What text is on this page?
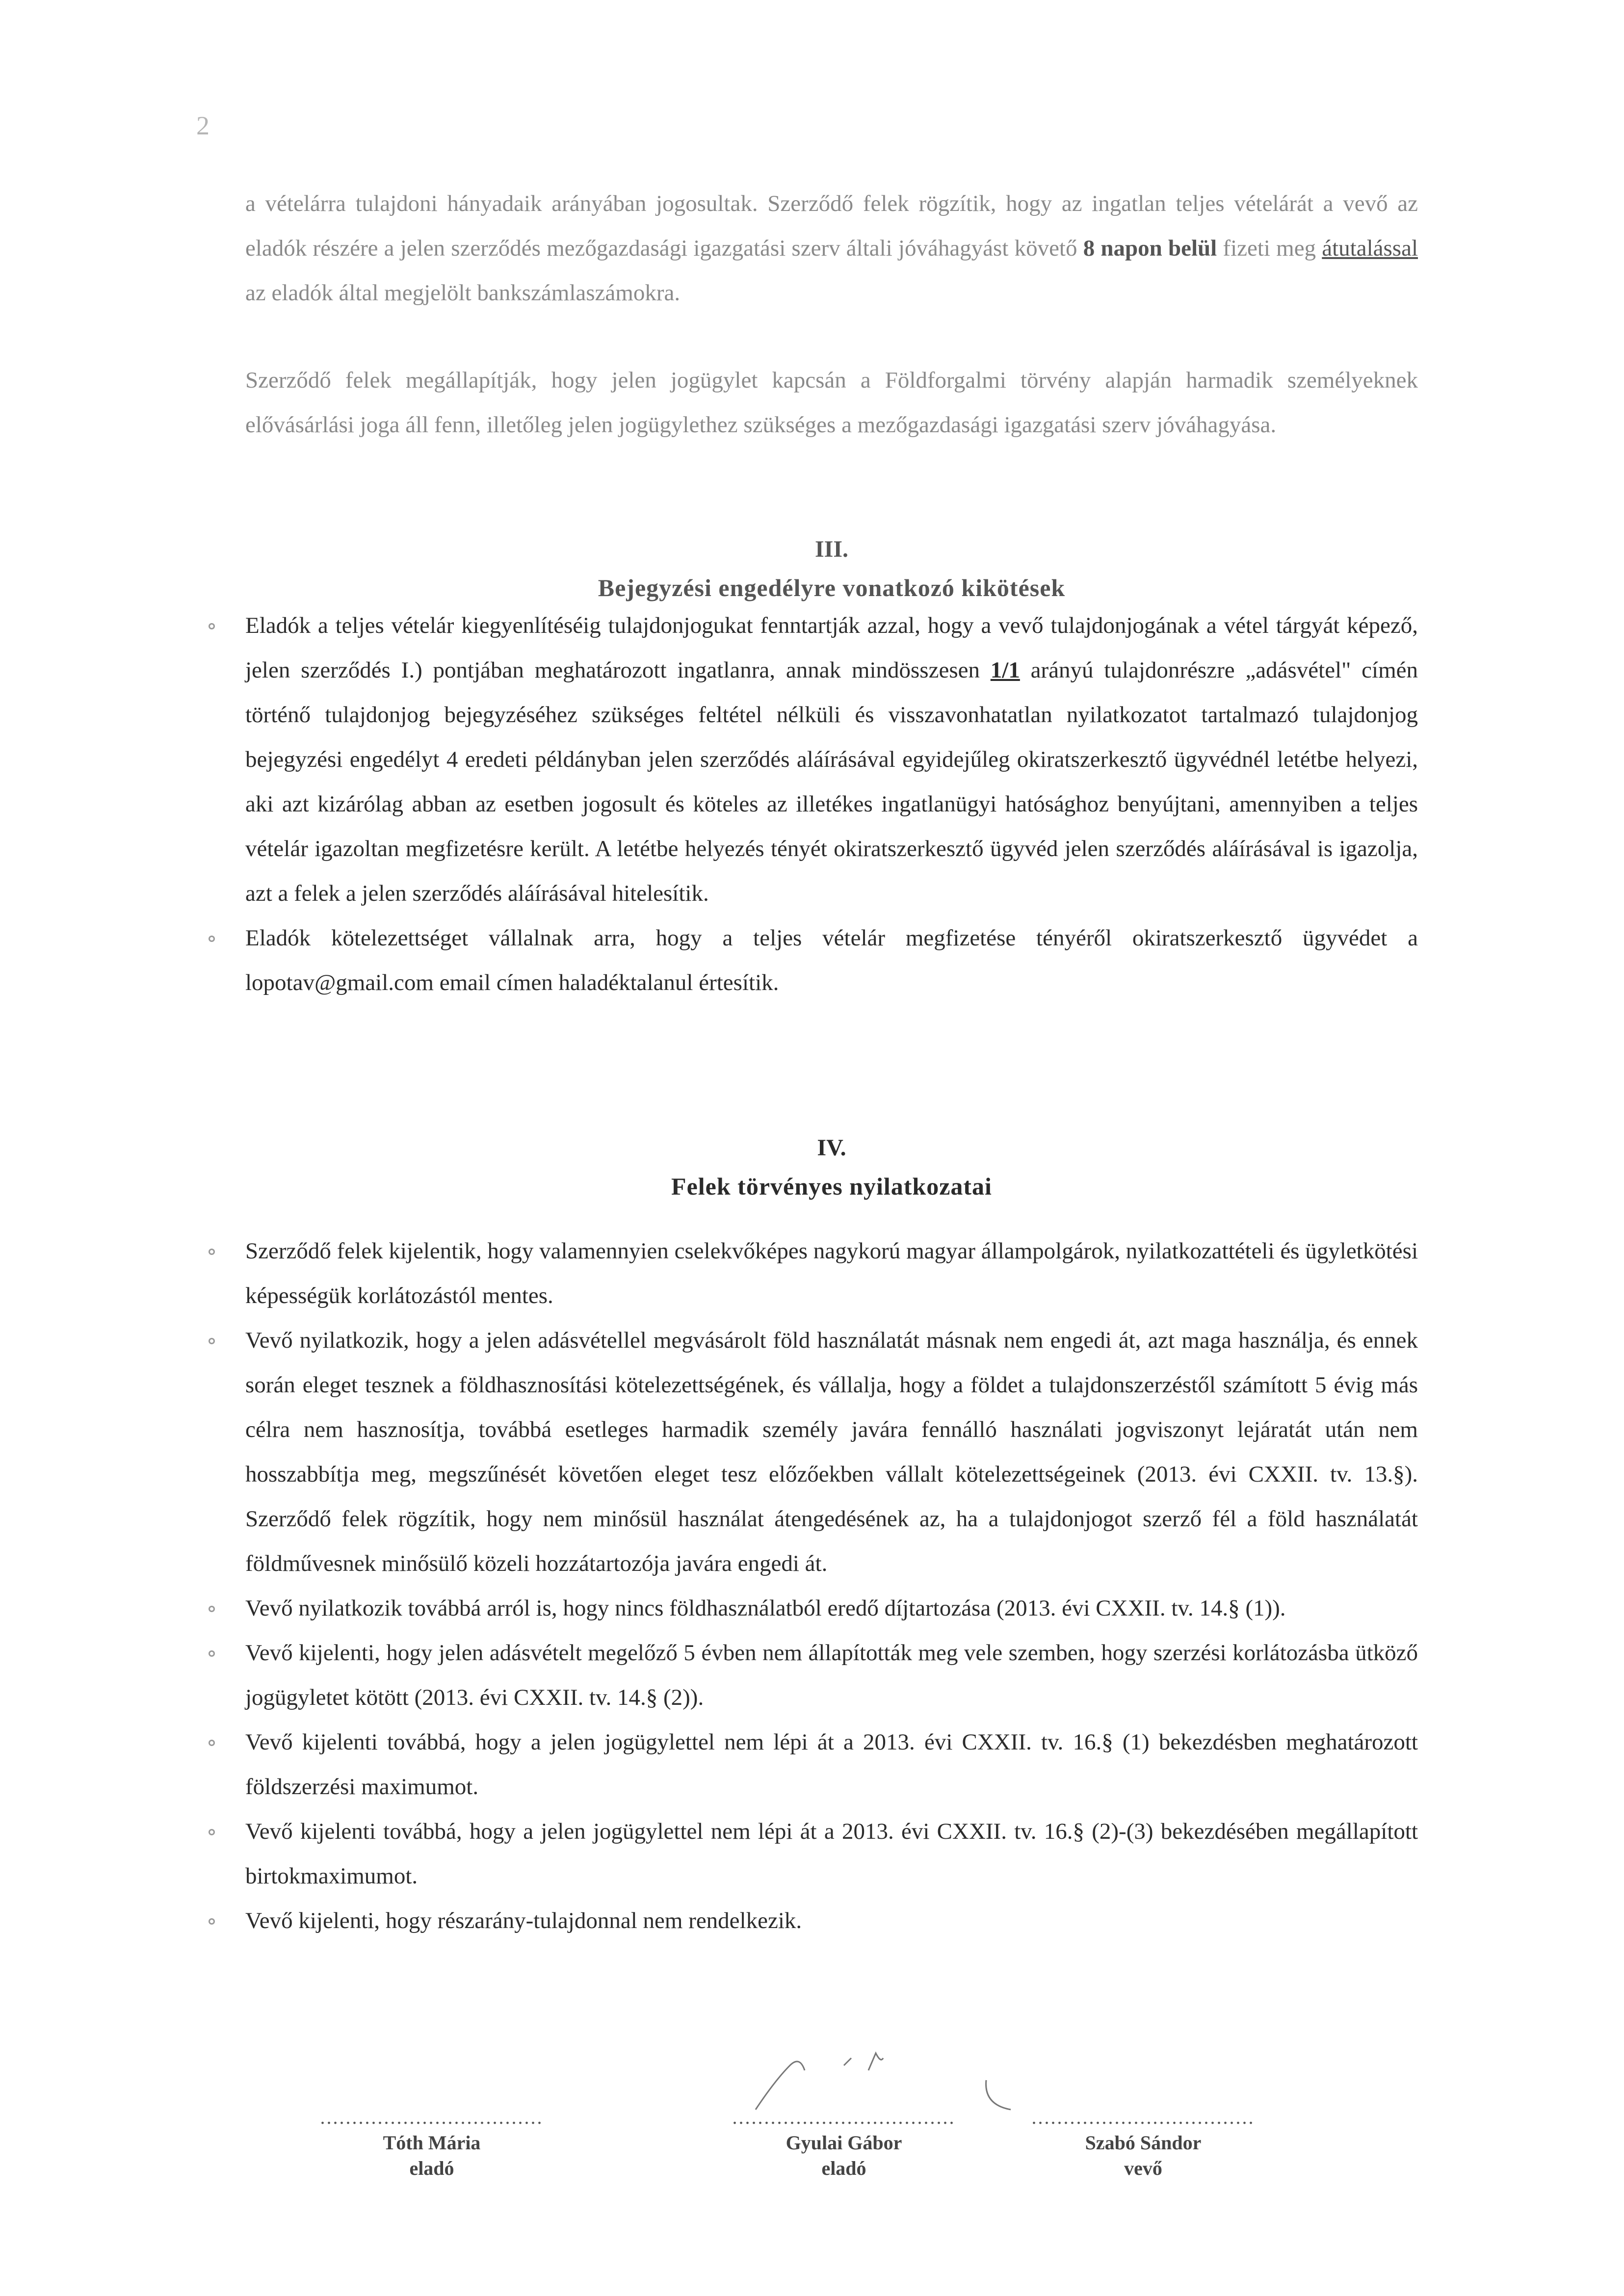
2

a vételárra tulajdoni hányadaik arányában jogosultak. Szerződő felek rögzítik, hogy az ingatlan teljes vételárát a vevő az eladók részére a jelen szerződés mezőgazdasági igazgatási szerv általi jóváhagyást követő 8 napon belül fizeti meg átutalással az eladók által megjelölt bankszámlaszámokra.

Szerződő felek megállapítják, hogy jelen jogügylet kapcsán a Földforgalmi törvény alapján harmadik személyeknek elővásárlási joga áll fenn, illetőleg jelen jogügylethez szükséges a mezőgazdasági igazgatási szerv jóváhagyása.

III.

Bejegyzési engedélyre vonatkozó kikötések

Eladók a teljes vételár kiegyenlítéséig tulajdonjogukat fenntartják azzal, hogy a vevő tulajdonjogának a vétel tárgyát képező, jelen szerződés I.) pontjában meghatározott ingatlanra, annak mindösszesen 1/1 arányú tulajdonrészre „adásvétel" címén történő tulajdonjog bejegyzéséhez szükséges feltétel nélküli és visszavonhatatlan nyilatkozatot tartalmazó tulajdonjog bejegyzési engedélyt 4 eredeti példányban jelen szerződés aláírásával egyidejűleg okiratszerkesztő ügyvédnél letétbe helyezi, aki azt kizárólag abban az esetben jogosult és köteles az illetékes ingatlanügyi hatósághoz benyújtani, amennyiben a teljes vételár igazoltan megfizetésre került. A letétbe helyezés tényét okiratszerkesztő ügyvéd jelen szerződés aláírásával is igazolja, azt a felek a jelen szerződés aláírásával hitelesítik.

Eladók kötelezettséget vállalnak arra, hogy a teljes vételár megfizetése tényéről okiratszerkesztő ügyvédet a lopotav@gmail.com email címen haladéktalanul értesítik.

IV.

Felek törvényes nyilatkozatai

Szerződő felek kijelentik, hogy valamennyien cselekvőképes nagykorú magyar állampolgárok, nyilatkozattételi és ügyletkötési képességük korlátozástól mentes.

Vevő nyilatkozik, hogy a jelen adásvétellel megvásárolt föld használatát másnak nem engedi át, azt maga használja, és ennek során eleget tesznek a földhasznosítási kötelezettségének, és vállalja, hogy a földet a tulajdonszerzéstől számított 5 évig más célra nem hasznosítja, továbbá esetleges harmadik személy javára fennálló használati jogviszonyt lejáratát után nem hosszabbítja meg, megszűnését követően eleget tesz előzőekben vállalt kötelezettségeinek (2013. évi CXXII. tv. 13.§). Szerződő felek rögzítik, hogy nem minősül használat átengedésének az, ha a tulajdonjogot szerző fél a föld használatát földművesnek minősülő közeli hozzátartozója javára engedi át.

Vevő nyilatkozik továbbá arról is, hogy nincs földhasználatból eredő díjtartozása (2013. évi CXXII. tv. 14.§ (1)).

Vevő kijelenti, hogy jelen adásvételt megelőző 5 évben nem állapították meg vele szemben, hogy szerzési korlátozásba ütköző jogügyletet kötött (2013. évi CXXII. tv. 14.§ (2)).

Vevő kijelenti továbbá, hogy a jelen jogügylettel nem lépi át a 2013. évi CXXII. tv. 16.§ (1) bekezdésben meghatározott földszerzési maximumot.

Vevő kijelenti továbbá, hogy a jelen jogügylettel nem lépi át a 2013. évi CXXII. tv. 16.§ (2)-(3) bekezdésében megállapított birtokmaximumot.

Vevő kijelenti, hogy részarány-tulajdonnal nem rendelkezik.

...................................
Tóth Mária
eladó
...................................
Gyulai Gábor
eladó
...................................
Szabó Sándor
vevő
